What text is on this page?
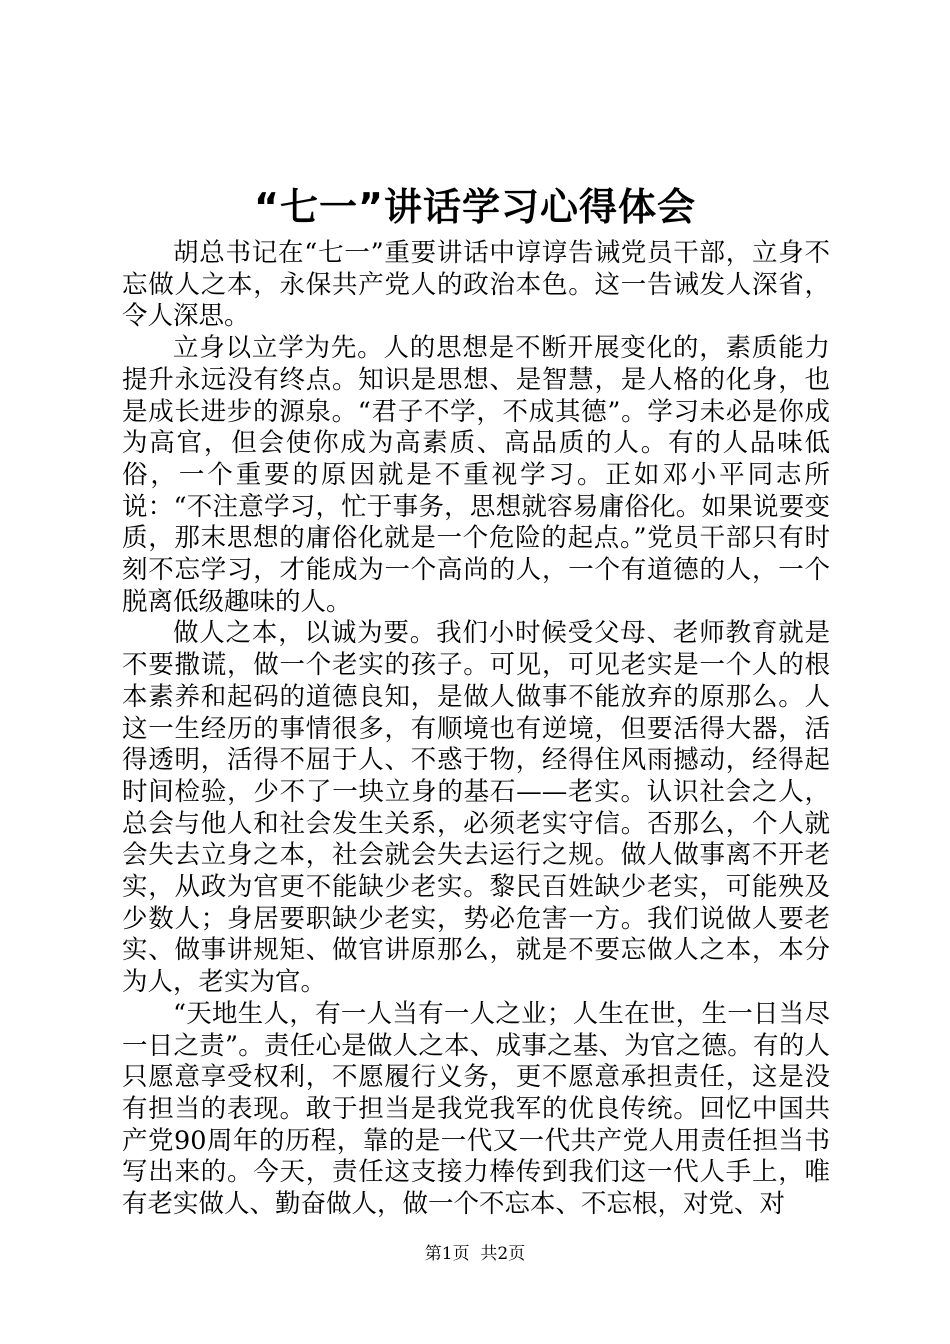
“七一”讲话学习心得体会

胡总书记在“七一”重要讲话中谆谆告诫党员干部，立身不忘做人之本，永保共产党人的政治本色。这一告诫发人深省，令人深思。

立身以立学为先。人的思想是不断开展变化的，素质能力提升永远没有终点。知识是思想、是智慧，是人格的化身，也是成长进步的源泉。“君子不学，不成其德”。学习未必是你成为高官，但会使你成为高素质、高品质的人。有的人品味低俗，一个重要的原因就是不重视学习。正如邓小平同志所说：“不注意学习，忙于事务，思想就容易庸俗化。如果说要变质，那末思想的庸俗化就是一个危险的起点。”党员干部只有时刻不忘学习，才能成为一个高尚的人，一个有道德的人，一个脱离低级趣味的人。

做人之本，以诚为要。我们小时候受父母、老师教育就是不要撒谎，做一个老实的孩子。可见，可见老实是一个人的根本素养和起码的道德良知，是做人做事不能放弃的原那么。人这一生经历的事情很多，有顺境也有逆境，但要活得大器，活得透明，活得不屈于人、不惑于物，经得住风雨撼动，经得起时间检验，少不了一块立身的基石——老实。认识社会之人，总会与他人和社会发生关系，必须老实守信。否那么，个人就会失去立身之本，社会就会失去运行之规。做人做事离不开老实，从政为官更不能缺少老实。黎民百姓缺少老实，可能殃及少数人；身居要职缺少老实，势必危害一方。我们说做人要老实、做事讲规矩、做官讲原那么，就是不要忘做人之本，本分为人，老实为官。

“天地生人，有一人当有一人之业；人生在世，生一日当尽一日之责”。责任心是做人之本、成事之基、为官之德。有的人只愿意享受权利，不愿履行义务，更不愿意承担责任，这是没有担当的表现。敢于担当是我党我军的优良传统。回忆中国共产党90周年的历程，靠的是一代又一代共产党人用责任担当书写出来的。今天，责任这支接力棒传到我们这一代人手上，唯有老实做人、勤奋做人，做一个不忘本、不忘根，对党、对

第1页 共2页
